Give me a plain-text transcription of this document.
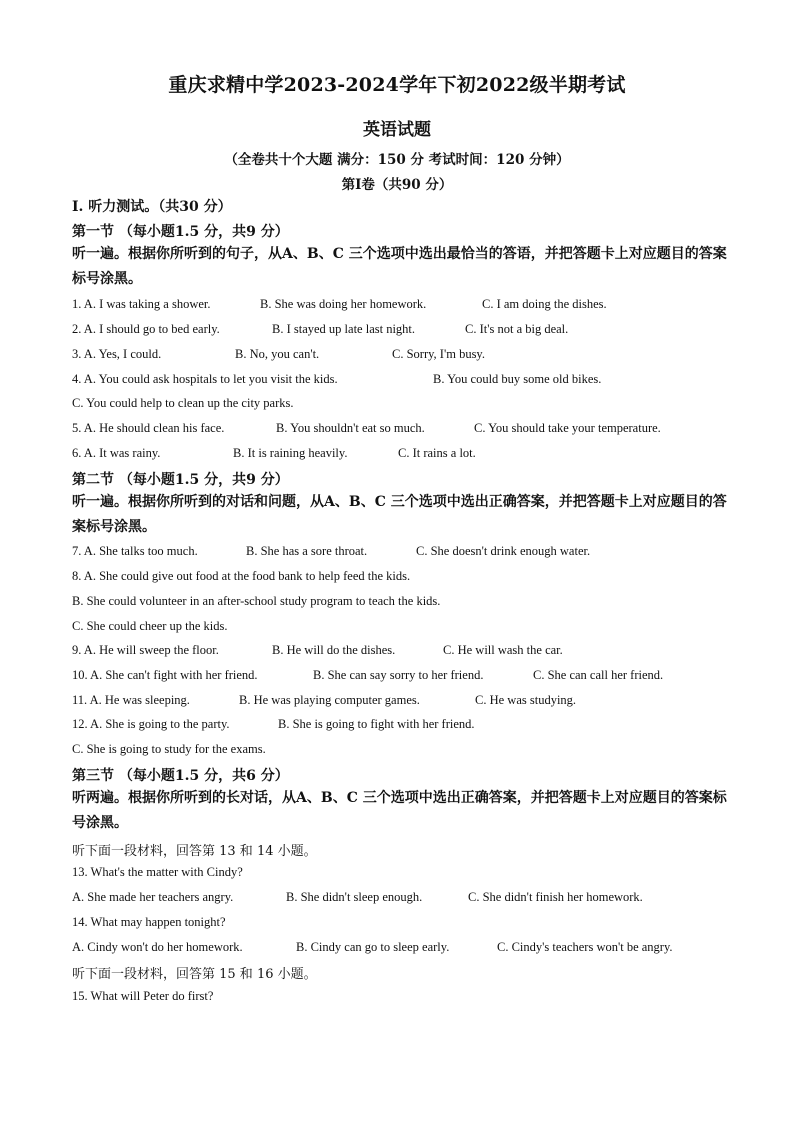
重庆求精中学2023-2024学年下初2022级半期考试
英语试题
（全卷共十个大题 满分：150 分 考试时间：120 分钟）
第Ⅰ卷（共90 分）
Ⅰ. 听力测试。（共30 分）
第一节 （每小题1.5 分，共9 分）
听一遍。根据你所听到的句子，从A、B、C 三个选项中选出最恰当的答语，并把答题卡上对应题目的答案标号涂黑。
1. A. I was taking a shower.	B. She was doing her homework.	C. I am doing the dishes.
2. A. I should go to bed early.	B. I stayed up late last night.	C. It's not a big deal.
3. A. Yes, I could.	B. No, you can't.	C. Sorry, I'm busy.
4. A. You could ask hospitals to let you visit the kids.	B. You could buy some old bikes.
C. You could help to clean up the city parks.
5. A. He should clean his face.	B. You shouldn't eat so much.	C. You should take your temperature.
6. A. It was rainy.	B. It is raining heavily.	C. It rains a lot.
第二节 （每小题1.5 分，共9 分）
听一遍。根据你所听到的对话和问题，从A、B、C 三个选项中选出正确答案，并把答题卡上对应题目的答案标号涂黑。
7. A. She talks too much.	B. She has a sore throat.	C. She doesn't drink enough water.
8. A. She could give out food at the food bank to help feed the kids.
B. She could volunteer in an after-school study program to teach the kids.
C. She could cheer up the kids.
9. A. He will sweep the floor.	B. He will do the dishes.	C. He will wash the car.
10. A. She can't fight with her friend.	B. She can say sorry to her friend.	C. She can call her friend.
11. A. He was sleeping.	B. He was playing computer games.	C. He was studying.
12. A. She is going to the party.	B. She is going to fight with her friend.
C. She is going to study for the exams.
第三节 （每小题1.5 分，共6 分）
听两遍。根据你所听到的长对话，从A、B、C 三个选项中选出正确答案，并把答题卡上对应题目的答案标号涂黑。
听下面一段材料，回答第 13 和 14 小题。
13. What's the matter with Cindy?
A. She made her teachers angry.	B. She didn't sleep enough.	C. She didn't finish her homework.
14. What may happen tonight?
A. Cindy won't do her homework.	B. Cindy can go to sleep early.	C. Cindy's teachers won't be angry.
听下面一段材料，回答第 15 和 16 小题。
15. What will Peter do first?
